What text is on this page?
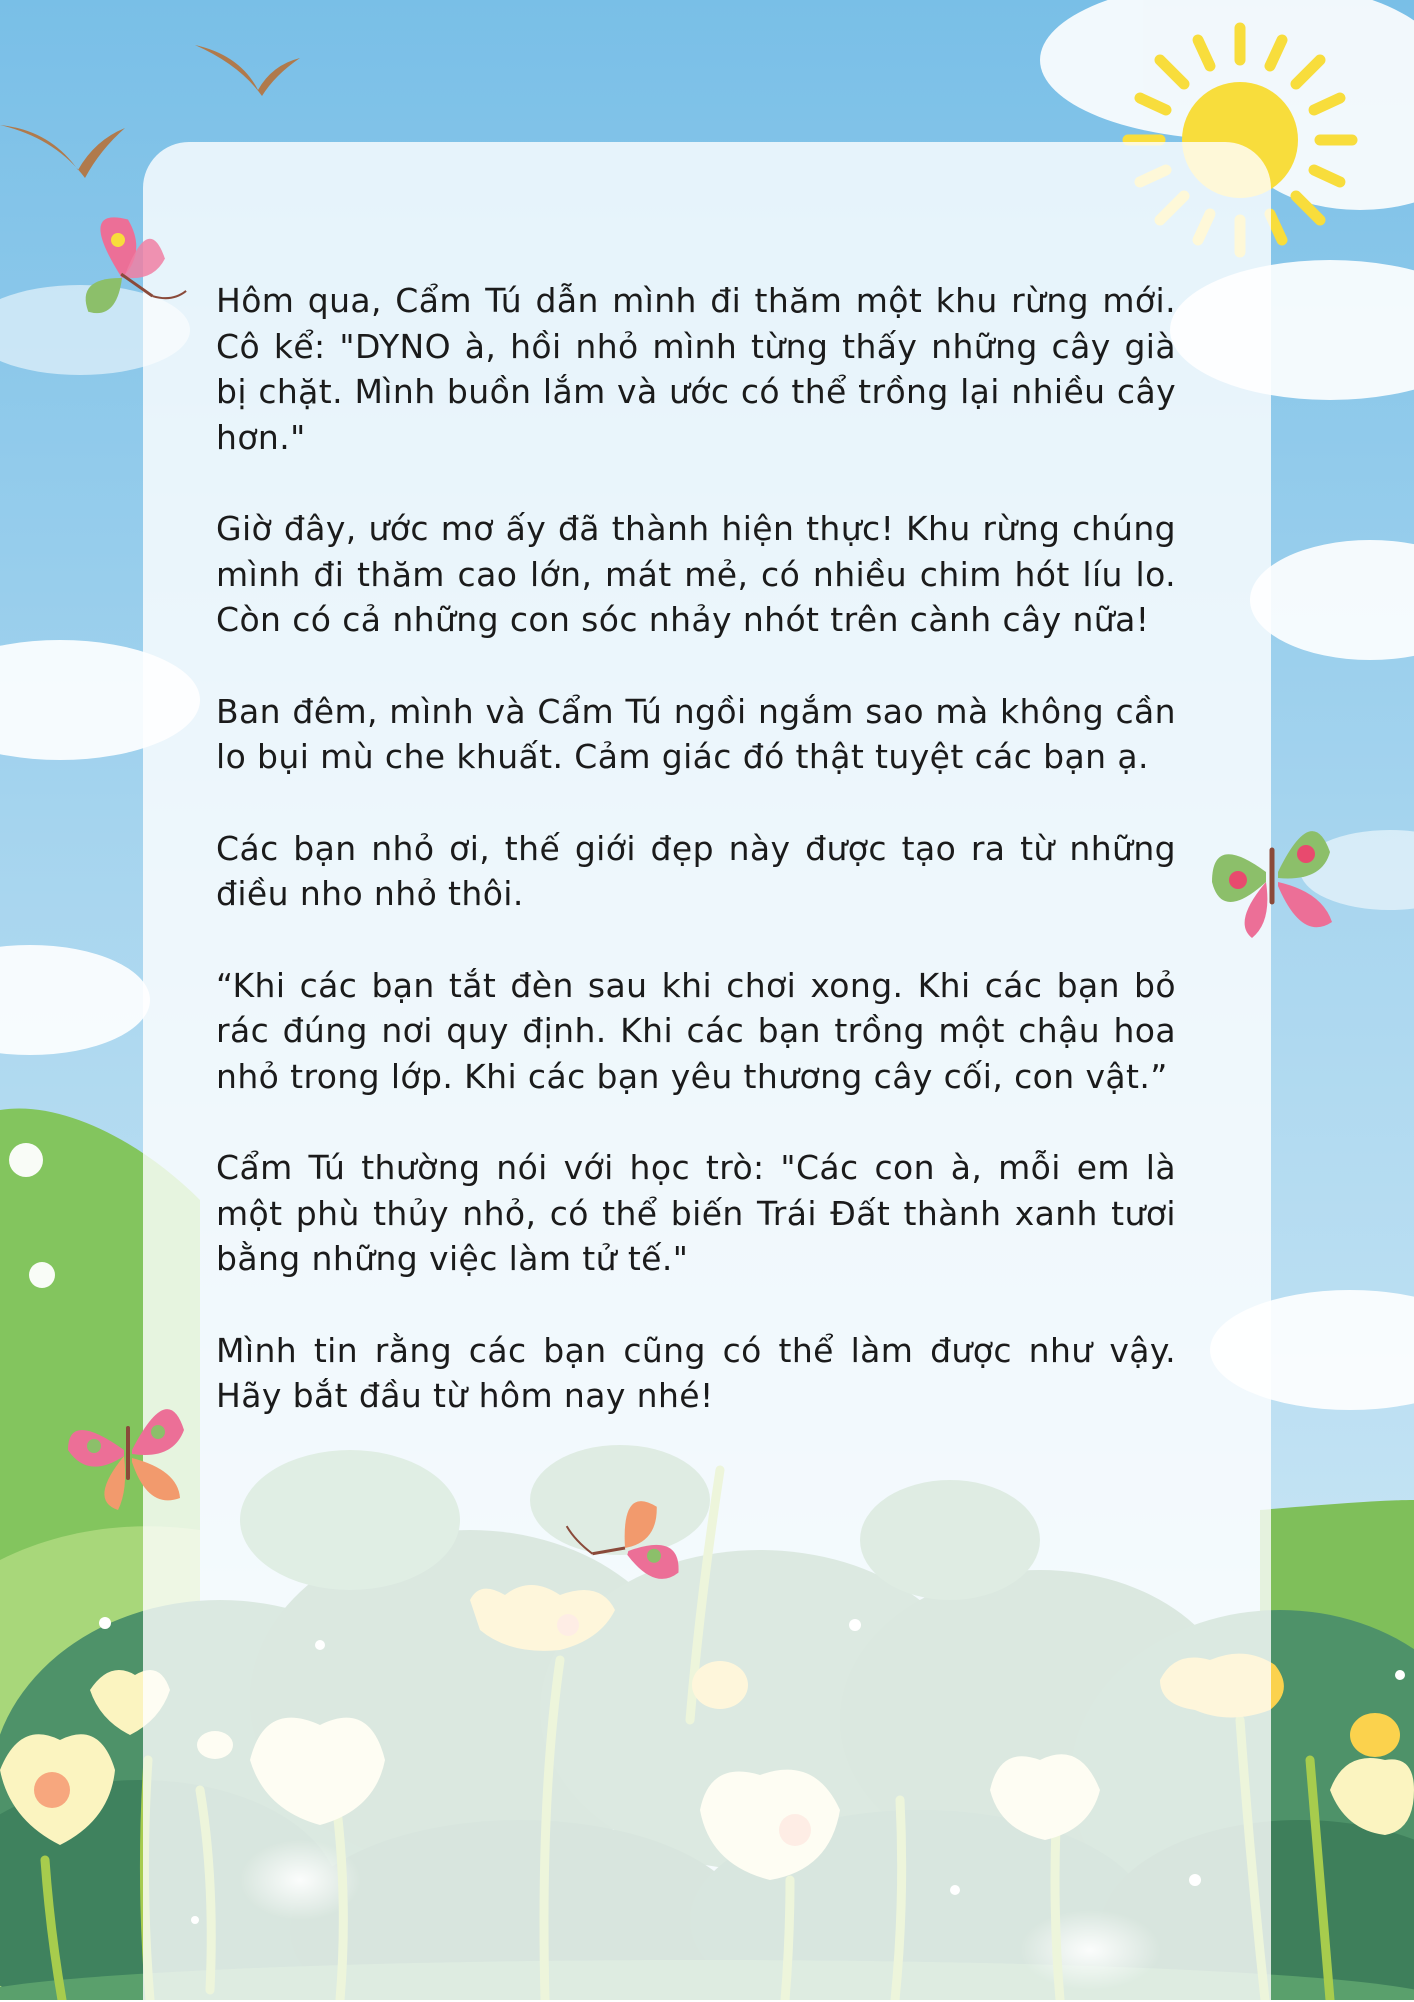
Hôm qua, Cẩm Tú dẫn mình đi thăm một khu rừng mới. Cô kể: "DYNO à, hồi nhỏ mình từng thấy những cây già bị chặt. Mình buồn lắm và ước có thể trồng lại nhiều cây hơn."

Giờ đây, ước mơ ấy đã thành hiện thực! Khu rừng chúng mình đi thăm cao lớn, mát mẻ, có nhiều chim hót líu lo. Còn có cả những con sóc nhảy nhót trên cành cây nữa!

Ban đêm, mình và Cẩm Tú ngồi ngắm sao mà không cần lo bụi mù che khuất. Cảm giác đó thật tuyệt các bạn ạ.

Các bạn nhỏ ơi, thế giới đẹp này được tạo ra từ những điều nho nhỏ thôi.

“Khi các bạn tắt đèn sau khi chơi xong. Khi các bạn bỏ rác đúng nơi quy định. Khi các bạn trồng một chậu hoa nhỏ trong lớp. Khi các bạn yêu thương cây cối, con vật.”

Cẩm Tú thường nói với học trò: "Các con à, mỗi em là một phù thủy nhỏ, có thể biến Trái Đất thành xanh tươi bằng những việc làm tử tế."

Mình tin rằng các bạn cũng có thể làm được như vậy. Hãy bắt đầu từ hôm nay nhé!
